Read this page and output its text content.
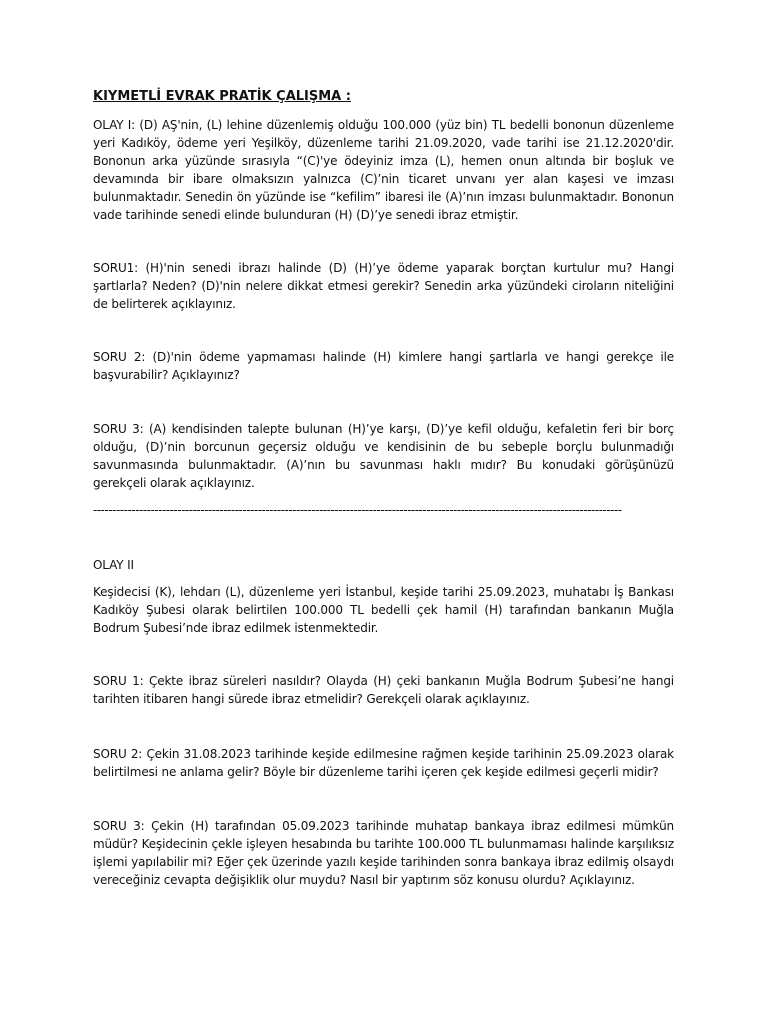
KIYMETLİ EVRAK PRATİK ÇALIŞMA :

OLAY I: (D) AŞ'nin, (L) lehine düzenlemiş olduğu 100.000 (yüz bin) TL bedelli bononun düzenleme yeri Kadıköy, ödeme yeri Yeşilköy, düzenleme tarihi 21.09.2020, vade tarihi ise 21.12.2020'dir. Bononun arka yüzünde sırasıyla “(C)'ye ödeyiniz imza (L), hemen onun altında bir boşluk ve devamında bir ibare olmaksızın yalnızca (C)’nin ticaret unvanı yer alan kaşesi ve imzası bulunmaktadır. Senedin ön yüzünde ise “kefilim” ibaresi ile (A)’nın imzası bulunmaktadır. Bononun vade tarihinde senedi elinde bulunduran (H) (D)’ye senedi ibraz etmiştir.

SORU1: (H)'nin senedi ibrazı halinde (D) (H)’ye ödeme yaparak borçtan kurtulur mu? Hangi şartlarla? Neden? (D)'nin nelere dikkat etmesi gerekir? Senedin arka yüzündeki ciroların niteliğini de belirterek açıklayınız.

SORU 2: (D)'nin ödeme yapmaması halinde (H) kimlere hangi şartlarla ve hangi gerekçe ile başvurabilir? Açıklayınız?

SORU 3: (A) kendisinden talepte bulunan (H)’ye karşı, (D)’ye kefil olduğu, kefaletin feri bir borç olduğu, (D)’nin borcunun geçersiz olduğu ve kendisinin de bu sebeple borçlu bulunmadığı savunmasında bulunmaktadır. (A)’nın bu savunması haklı mıdır? Bu konudaki görüşünüzü gerekçeli olarak açıklayınız.

------------------------------------------------------------------------------------------------------------------------------------------

OLAY II

Keşidecisi (K), lehdarı (L), düzenleme yeri İstanbul, keşide tarihi 25.09.2023, muhatabı İş Bankası Kadıköy Şubesi olarak belirtilen 100.000 TL bedelli çek hamil (H) tarafından bankanın Muğla Bodrum Şubesi’nde ibraz edilmek istenmektedir.

SORU 1: Çekte ibraz süreleri nasıldır? Olayda (H) çeki bankanın Muğla Bodrum Şubesi’ne hangi tarihten itibaren hangi sürede ibraz etmelidir? Gerekçeli olarak açıklayınız.

SORU 2: Çekin 31.08.2023 tarihinde keşide edilmesine rağmen keşide tarihinin 25.09.2023 olarak belirtilmesi ne anlama gelir? Böyle bir düzenleme tarihi içeren çek keşide edilmesi geçerli midir?

SORU 3: Çekin (H) tarafından 05.09.2023 tarihinde muhatap bankaya ibraz edilmesi mümkün müdür? Keşidecinin çekle işleyen hesabında bu tarihte 100.000 TL bulunmaması halinde karşılıksız işlemi yapılabilir mi? Eğer çek üzerinde yazılı keşide tarihinden sonra bankaya ibraz edilmiş olsaydı vereceğiniz cevapta değişiklik olur muydu? Nasıl bir yaptırım söz konusu olurdu? Açıklayınız.
